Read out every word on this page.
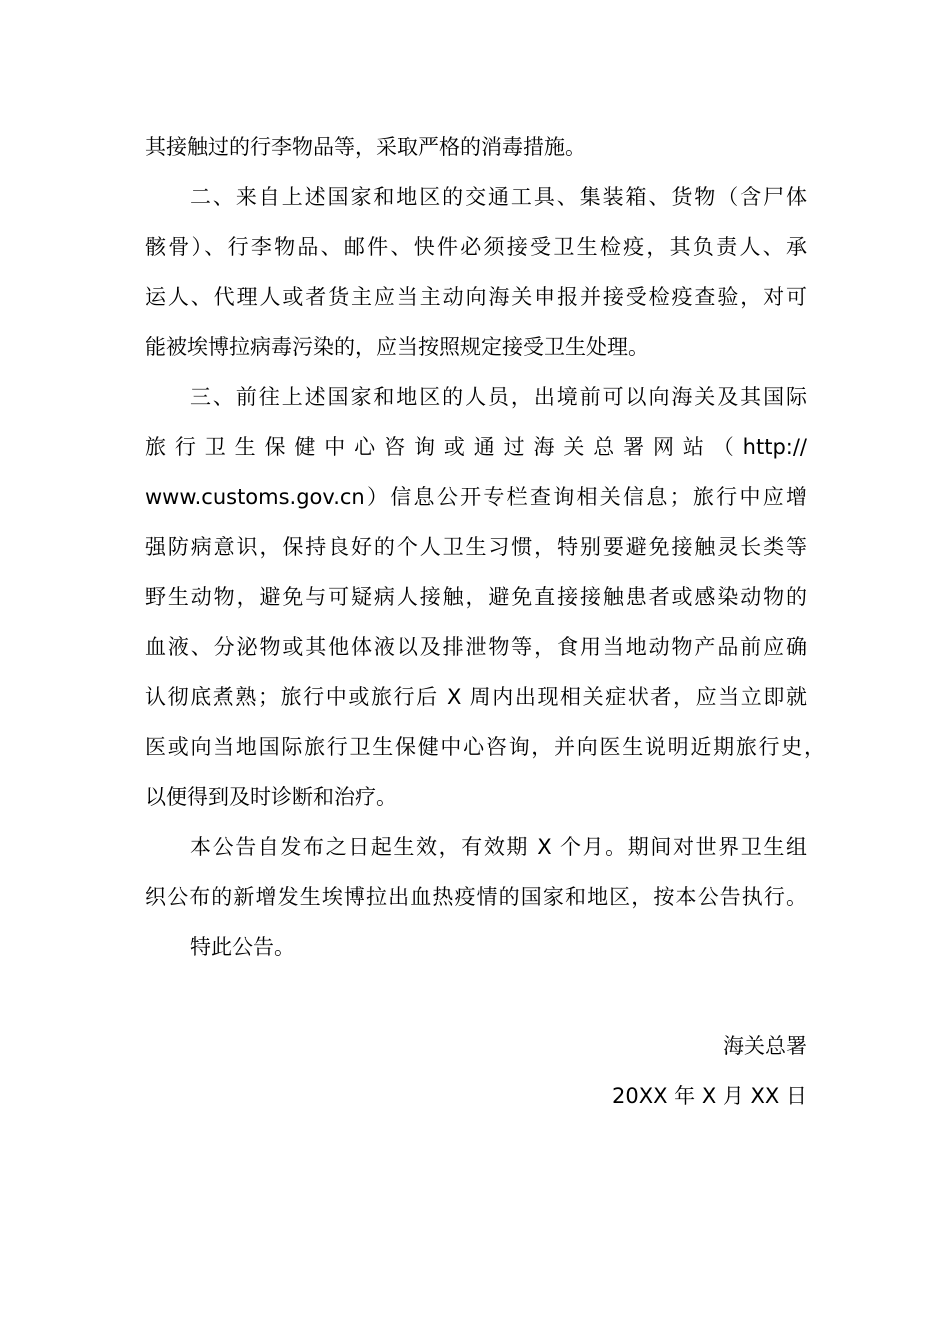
其接触过的行李物品等，采取严格的消毒措施。
二、来自上述国家和地区的交通工具、集装箱、货物（含尸体
骸骨）、行李物品、邮件、快件必须接受卫生检疫，其负责人、承
运人、代理人或者货主应当主动向海关申报并接受检疫查验，对可
能被埃博拉病毒污染的，应当按照规定接受卫生处理。
三、前往上述国家和地区的人员，出境前可以向海关及其国际
旅 行 卫 生 保 健 中 心 咨 询 或 通 过 海 关 总 署 网 站 （ http://
www.customs.gov.cn）信息公开专栏查询相关信息；旅行中应增
强防病意识，保持良好的个人卫生习惯，特别要避免接触灵长类等
野生动物，避免与可疑病人接触，避免直接接触患者或感染动物的
血液、分泌物或其他体液以及排泄物等，食用当地动物产品前应确
认彻底煮熟；旅行中或旅行后 X 周内出现相关症状者，应当立即就
医或向当地国际旅行卫生保健中心咨询，并向医生说明近期旅行史，
以便得到及时诊断和治疗。
本公告自发布之日起生效，有效期 X 个月。期间对世界卫生组
织公布的新增发生埃博拉出血热疫情的国家和地区，按本公告执行。
特此公告。
海关总署
20XX 年 X 月 XX 日
